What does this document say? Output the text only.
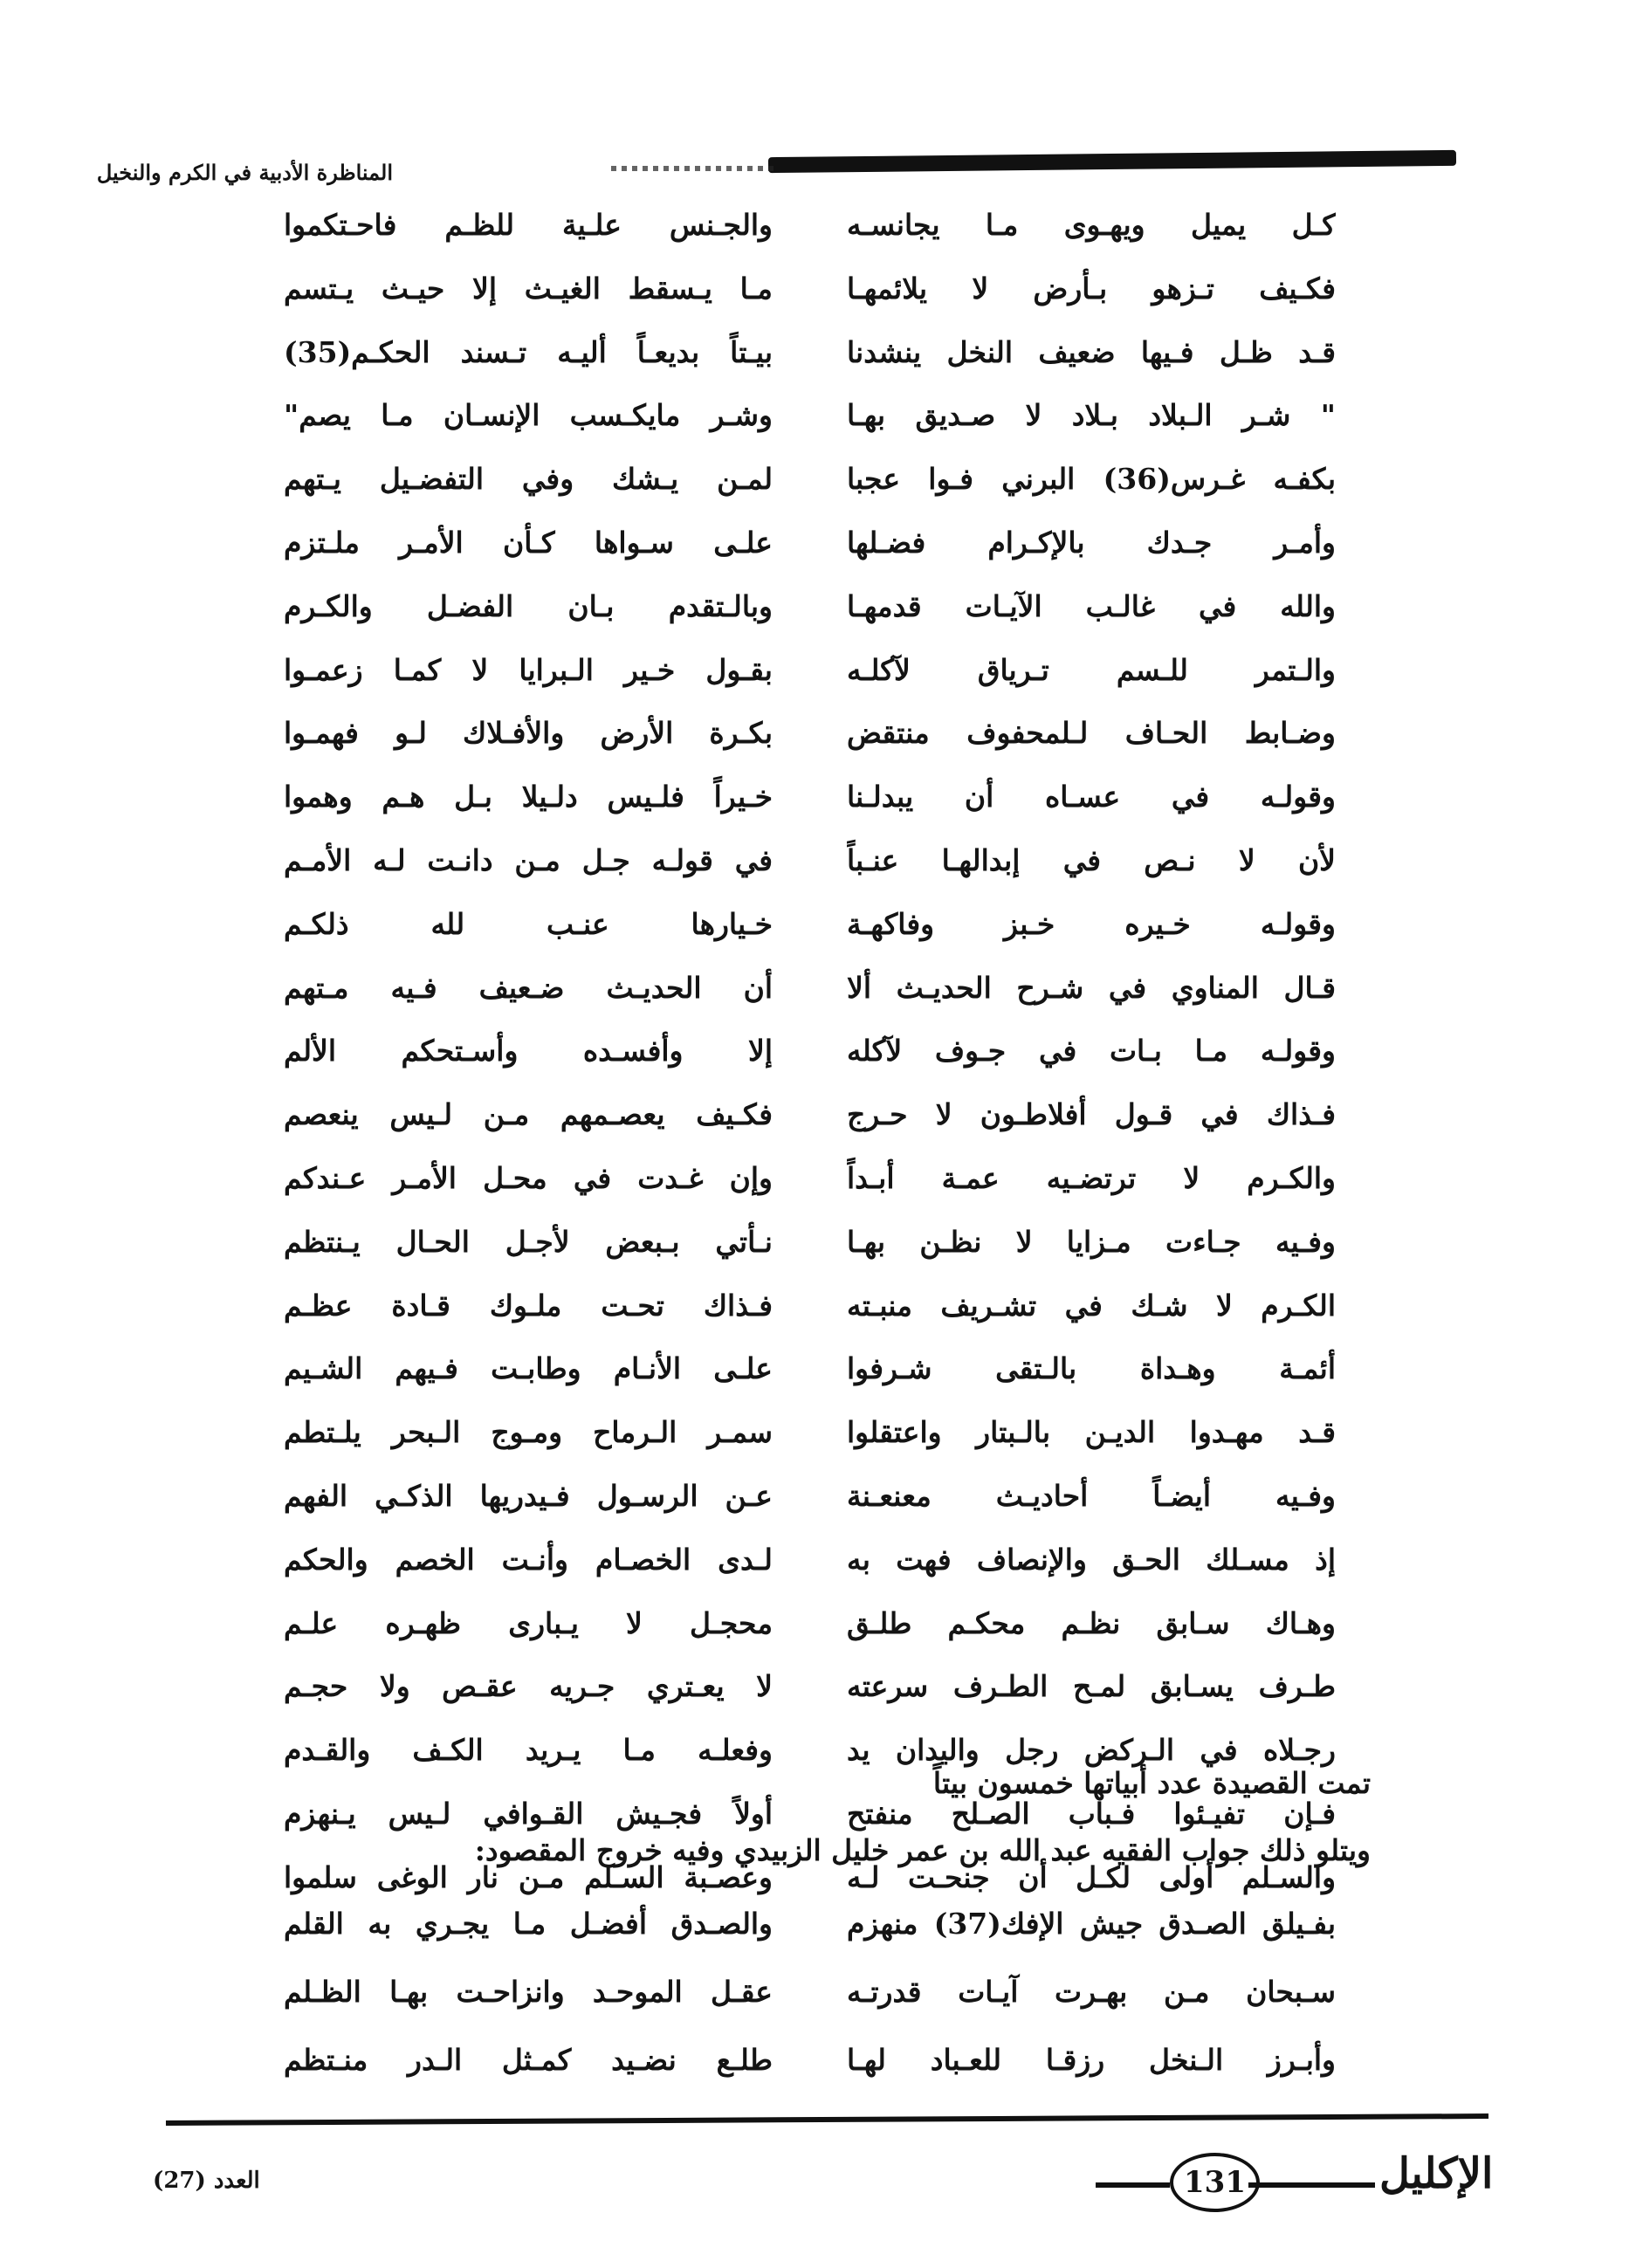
المناظرة الأدبية في الكرم والنخيل
كـل يميل ويهـوى مـا يجانسـه
فكـيف تـزهو بـأرض لا يلائمهـا
قـد ظـل فـيها ضعيف النخل ينشدنا
" شـر الـبلاد بـلاد لا صـديق بهـا
بكفـه غـرس(36) البرني فـوا عجبا
وأمـر جـدك بالإكـرام فضـلها
والله في غالـب الآيـات قدمهـا
والـتمر للـسم تـرياق لآكلـه
وضـابط الحـاف لـلمحفوف منتقض
وقولـه في عسـاه أن يبدلـنا
لأن لا نـص في إبدالهـا عنـباً
وقولـه خـيره خـبز وفاكهـة
قـال المناوي في شـرح الحديـث ألا
وقولـه مـا بـات في جـوف لآكله
فـذاك في قـول أفلاطـون لا حـرج
والكـرم لا ترتضـيه عمـة أبـداً
وفـيه جـاءت مـزايا لا نظـن بهـا
الكـرم لا شـك في تشـريف منبـته
أئمـة وهـداة بالـتقى شـرفوا
قـد مهـدوا الديـن بالـبتار واعتقلوا
وفـيه أيضـاً أحاديـث معنعـنة
إذ مسـلك الحـق والإنصاف فهت به
وهـاك سـابق نظـم محكـم طلـق
طـرف يسـابق لمـح الطـرف سرعته
رجـلاه في الـركض رجل واليدان يد
فـإن تفيـئوا فـباب الصـلح منفتح
والسـلم أولى لكـل أن جنحـت لـه
والجـنس علـية للظـم فاحـتكموا
مـا يـسقط الغيـث إلا حيـث يـتسم
بيـتاً بديعـاً أليـه تـسند الحكـم(35)
وشـر مايكـسب الإنسـان مـا يصم"
لمـن يـشك وفي التفضـيل يـتهم
علـى سـواها كـأن الأمـر ملـتزم
وبالـتقدم بـان الفضـل والكـرم
بقـول خـير الـبرايا لا كمـا زعمـوا
بكـرة الأرض والأفـلاك لـو فهمـوا
خـيراً فلـيس دلـيلا بـل هـم وهموا
في قولـه جـل مـن دانـت لـه الأمـم
خـيارها عنـب لله ذلكـم
أن الحديـث ضـعيف فـيه مـتهم
إلا وأفسـده وأسـتحكم الألم
فكـيف يعصـمهم مـن لـيس ينعصم
وإن غـدت في محـل الأمـر عـندكم
نـأتي بـبعض لأجـل الحـال يـنتظم
فـذاك تحـت ملـوك قـادة عظـم
علـى الأنـام وطابـت فـيهم الشـيم
سمـر الـرماح ومـوج الـبحر يلـتطم
عـن الرسـول فـيدريها الذكـي الفهم
لـدى الخصـام وأنـت الخصم والحكم
محجـل لا يـبارى ظهـره علـم
لا يعـتري جـريه عقـص ولا حجـم
وفعلـه مـا يـريد الكـف والقـدم
أولاً فجـيش القـوافي لـيس يـنهزم
وعصـبة السـلم مـن نار الوغى سلموا
تمت القصيدة عدد أبياتها خمسون بيتاً
ويتلو ذلك جواب الفقيه عبد الله بن عمر خليل الزبيدي وفيه خروج المقصود:
بفـيلق الصـدق جيش الإفك(37) منهزم
سـبحان مـن بهـرت آيـات قدرتـه
وأبـرز الـنخل رزقـا للعـباد لهـا
والصـدق أفضـل مـا يجـري به القلم
عقـل الموحـد وانزاحـت بهـا الظـلم
طلـع نضـيد كمـثل الـدر منـتظم
الإكليل
131
العدد (27)
